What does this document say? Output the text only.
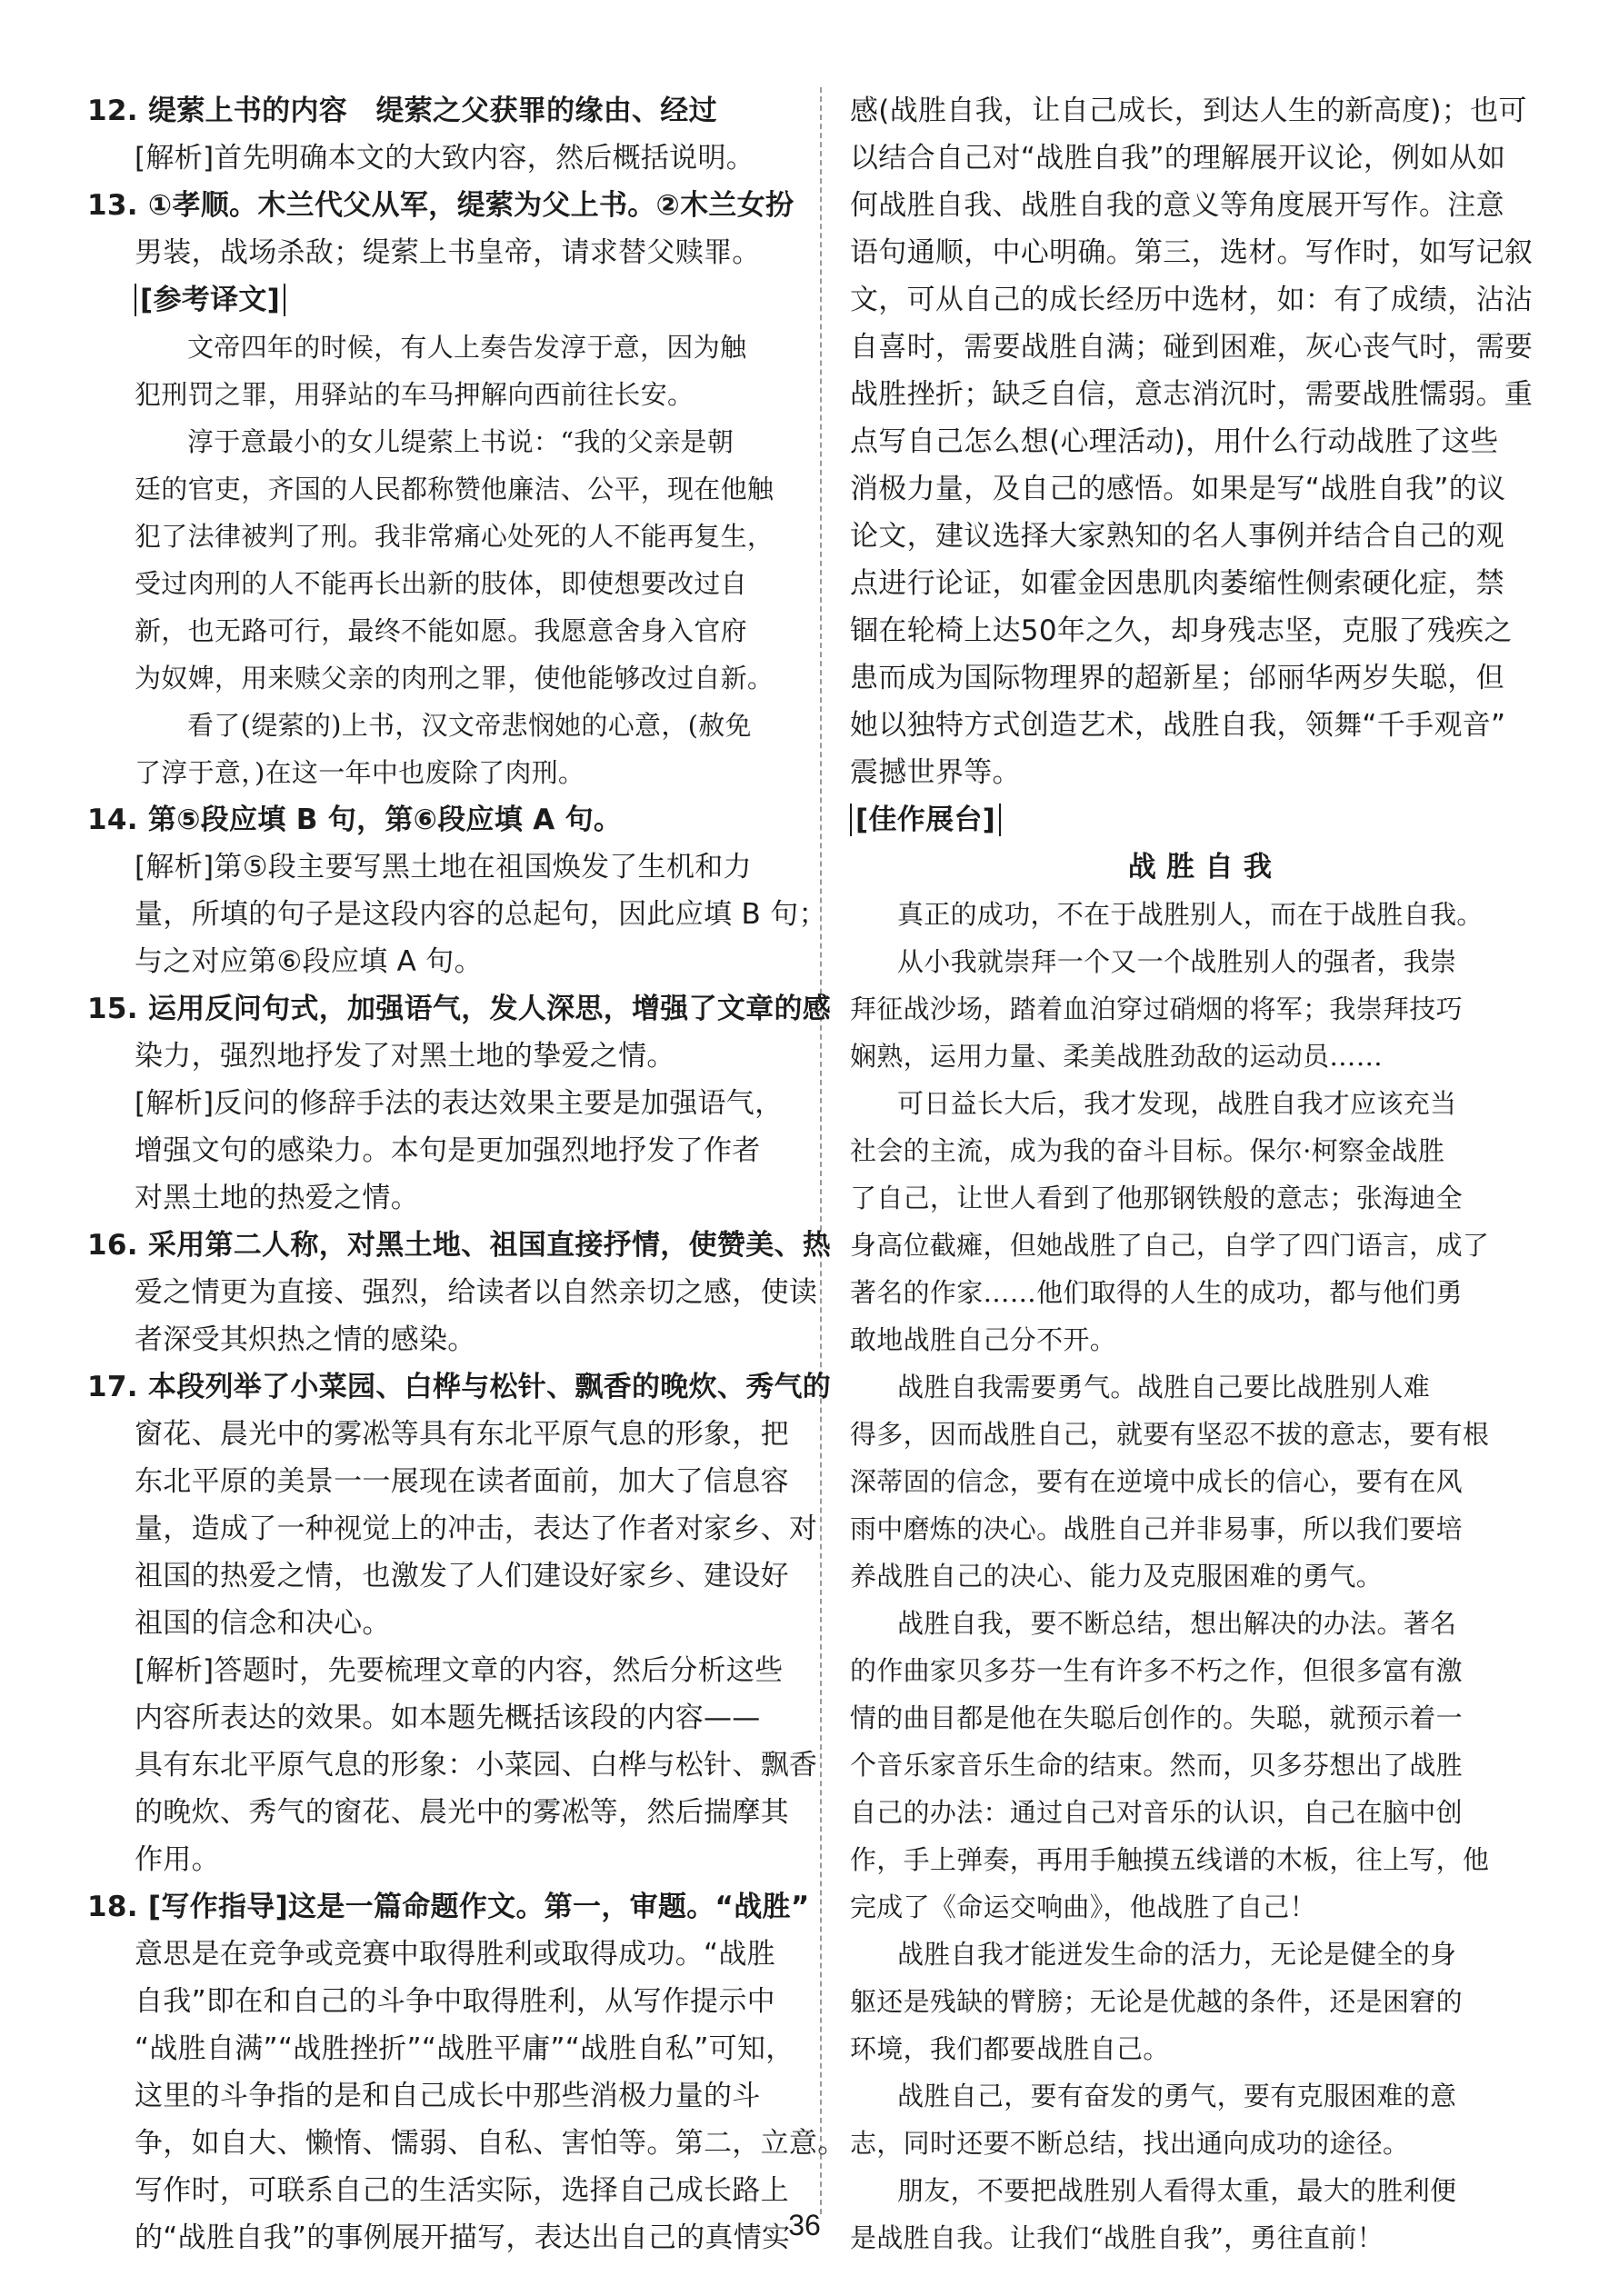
12. 缇萦上书的内容　缇萦之父获罪的缘由、经过
[解析]首先明确本文的大致内容，然后概括说明。
13. ①孝顺。木兰代父从军，缇萦为父上书。②木兰女扮
男装，战场杀敌；缇萦上书皇帝，请求替父赎罪。
[参考译文]
文帝四年的时候，有人上奏告发淳于意，因为触
犯刑罚之罪，用驿站的车马押解向西前往长安。
淳于意最小的女儿缇萦上书说：“我的父亲是朝
廷的官吏，齐国的人民都称赞他廉洁、公平，现在他触
犯了法律被判了刑。我非常痛心处死的人不能再复生，
受过肉刑的人不能再长出新的肢体，即使想要改过自
新，也无路可行，最终不能如愿。我愿意舍身入官府
为奴婢，用来赎父亲的肉刑之罪，使他能够改过自新。
看了(缇萦的)上书，汉文帝悲悯她的心意，(赦免
了淳于意，)在这一年中也废除了肉刑。
14. 第⑤段应填 B 句，第⑥段应填 A 句。
[解析]第⑤段主要写黑土地在祖国焕发了生机和力
量，所填的句子是这段内容的总起句，因此应填 B 句；
与之对应第⑥段应填 A 句。
15. 运用反问句式，加强语气，发人深思，增强了文章的感
染力，强烈地抒发了对黑土地的挚爱之情。
[解析]反问的修辞手法的表达效果主要是加强语气，
增强文句的感染力。本句是更加强烈地抒发了作者
对黑土地的热爱之情。
16. 采用第二人称，对黑土地、祖国直接抒情，使赞美、热
爱之情更为直接、强烈，给读者以自然亲切之感，使读
者深受其炽热之情的感染。
17. 本段列举了小菜园、白桦与松针、飘香的晚炊、秀气的
窗花、晨光中的雾凇等具有东北平原气息的形象，把
东北平原的美景一一展现在读者面前，加大了信息容
量，造成了一种视觉上的冲击，表达了作者对家乡、对
祖国的热爱之情，也激发了人们建设好家乡、建设好
祖国的信念和决心。
[解析]答题时，先要梳理文章的内容，然后分析这些
内容所表达的效果。如本题先概括该段的内容——
具有东北平原气息的形象：小菜园、白桦与松针、飘香
的晚炊、秀气的窗花、晨光中的雾凇等，然后揣摩其
作用。
18. [写作指导]这是一篇命题作文。第一，审题。“战胜”
意思是在竞争或竞赛中取得胜利或取得成功。“战胜
自我”即在和自己的斗争中取得胜利，从写作提示中
“战胜自满”“战胜挫折”“战胜平庸”“战胜自私”可知，
这里的斗争指的是和自己成长中那些消极力量的斗
争，如自大、懒惰、懦弱、自私、害怕等。第二，立意。
写作时，可联系自己的生活实际，选择自己成长路上
的“战胜自我”的事例展开描写，表达出自己的真情实
感(战胜自我，让自己成长，到达人生的新高度)；也可
以结合自己对“战胜自我”的理解展开议论，例如从如
何战胜自我、战胜自我的意义等角度展开写作。注意
语句通顺，中心明确。第三，选材。写作时，如写记叙
文，可从自己的成长经历中选材，如：有了成绩，沾沾
自喜时，需要战胜自满；碰到困难，灰心丧气时，需要
战胜挫折；缺乏自信，意志消沉时，需要战胜懦弱。重
点写自己怎么想(心理活动)，用什么行动战胜了这些
消极力量，及自己的感悟。如果是写“战胜自我”的议
论文，建议选择大家熟知的名人事例并结合自己的观
点进行论证，如霍金因患肌肉萎缩性侧索硬化症，禁
锢在轮椅上达50年之久，却身残志坚，克服了残疾之
患而成为国际物理界的超新星；邰丽华两岁失聪，但
她以独特方式创造艺术，战胜自我，领舞“千手观音”
震撼世界等。
[佳作展台]
战 胜 自 我
真正的成功，不在于战胜别人，而在于战胜自我。
从小我就崇拜一个又一个战胜别人的强者，我崇
拜征战沙场，踏着血泊穿过硝烟的将军；我崇拜技巧
娴熟，运用力量、柔美战胜劲敌的运动员……
可日益长大后，我才发现，战胜自我才应该充当
社会的主流，成为我的奋斗目标。保尔·柯察金战胜
了自己，让世人看到了他那钢铁般的意志；张海迪全
身高位截瘫，但她战胜了自己，自学了四门语言，成了
著名的作家……他们取得的人生的成功，都与他们勇
敢地战胜自己分不开。
战胜自我需要勇气。战胜自己要比战胜别人难
得多，因而战胜自己，就要有坚忍不拔的意志，要有根
深蒂固的信念，要有在逆境中成长的信心，要有在风
雨中磨炼的决心。战胜自己并非易事，所以我们要培
养战胜自己的决心、能力及克服困难的勇气。
战胜自我，要不断总结，想出解决的办法。著名
的作曲家贝多芬一生有许多不朽之作，但很多富有激
情的曲目都是他在失聪后创作的。失聪，就预示着一
个音乐家音乐生命的结束。然而，贝多芬想出了战胜
自己的办法：通过自己对音乐的认识，自己在脑中创
作，手上弹奏，再用手触摸五线谱的木板，往上写，他
完成了《命运交响曲》，他战胜了自己！
战胜自我才能迸发生命的活力，无论是健全的身
躯还是残缺的臂膀；无论是优越的条件，还是困窘的
环境，我们都要战胜自己。
战胜自己，要有奋发的勇气，要有克服困难的意
志，同时还要不断总结，找出通向成功的途径。
朋友，不要把战胜别人看得太重，最大的胜利便
是战胜自我。让我们“战胜自我”，勇往直前！
36
